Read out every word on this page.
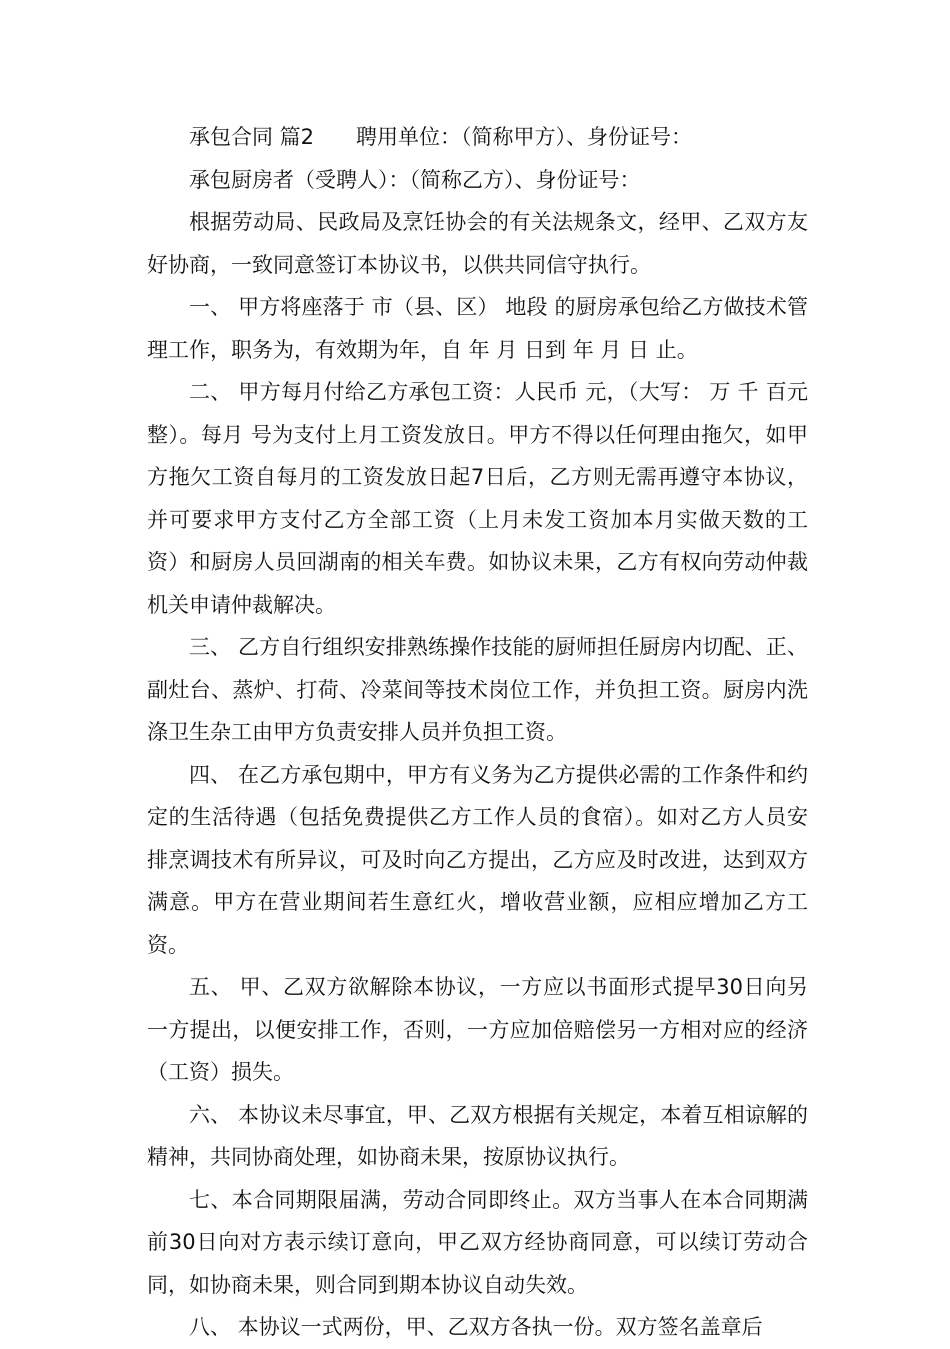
承包合同 篇2　　聘用单位：（简称甲方）、身份证号：

承包厨房者（受聘人）：（简称乙方）、身份证号：

根据劳动局、民政局及烹饪协会的有关法规条文，经甲、乙双方友好协商，一致同意签订本协议书，以供共同信守执行。

一、 甲方将座落于 市（县、区） 地段 的厨房承包给乙方做技术管理工作，职务为，有效期为年，自 年 月 日到 年 月 日 止。

二、 甲方每月付给乙方承包工资：人民币 元，（大写： 万 千 百元整）。每月 号为支付上月工资发放日。甲方不得以任何理由拖欠，如甲方拖欠工资自每月的工资发放日起7日后，乙方则无需再遵守本协议，并可要求甲方支付乙方全部工资（上月未发工资加本月实做天数的工资）和厨房人员回湖南的相关车费。如协议未果，乙方有权向劳动仲裁机关申请仲裁解决。

三、 乙方自行组织安排熟练操作技能的厨师担任厨房内切配、正、副灶台、蒸炉、打荷、冷菜间等技术岗位工作，并负担工资。厨房内洗涤卫生杂工由甲方负责安排人员并负担工资。

四、 在乙方承包期中，甲方有义务为乙方提供必需的工作条件和约定的生活待遇（包括免费提供乙方工作人员的食宿）。如对乙方人员安排烹调技术有所异议，可及时向乙方提出，乙方应及时改进，达到双方满意。甲方在营业期间若生意红火，增收营业额，应相应增加乙方工资。

五、 甲、乙双方欲解除本协议，一方应以书面形式提早30日向另一方提出，以便安排工作，否则，一方应加倍赔偿另一方相对应的经济（工资）损失。

六、 本协议未尽事宜，甲、乙双方根据有关规定，本着互相谅解的精神，共同协商处理，如协商未果，按原协议执行。

七、本合同期限届满，劳动合同即终止。双方当事人在本合同期满前30日向对方表示续订意向，甲乙双方经协商同意，可以续订劳动合同，如协商未果，则合同到期本协议自动失效。

八、 本协议一式两份，甲、乙双方各执一份。双方签名盖章后
